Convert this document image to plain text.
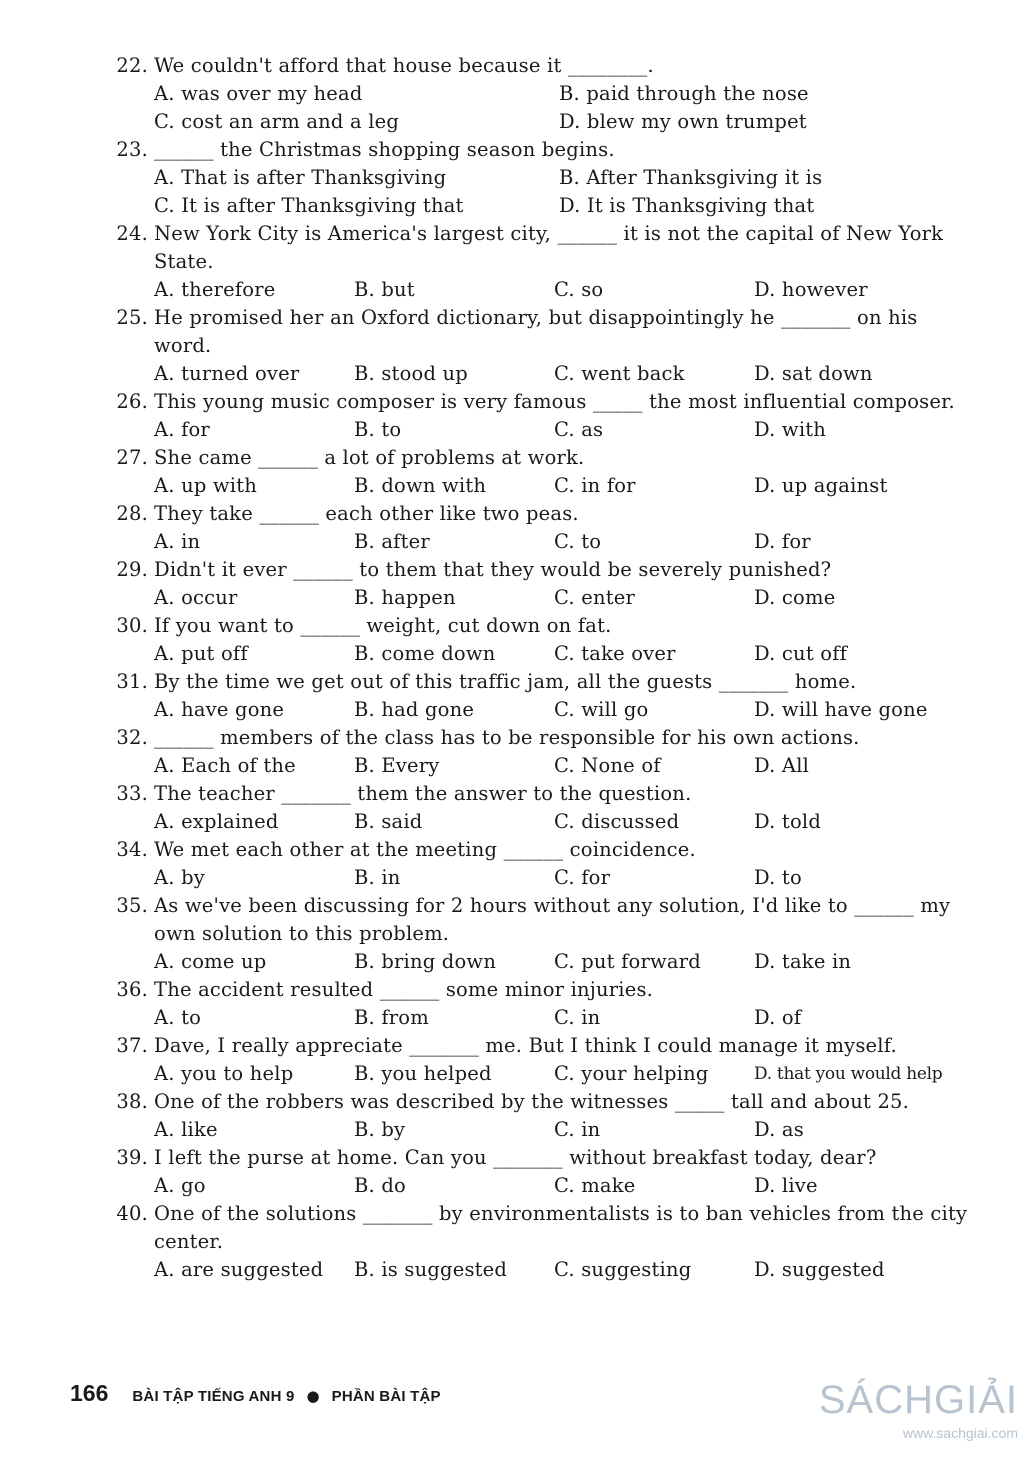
22. We couldn't afford that house because it ________.
A. was over my head	B. paid through the nose
C. cost an arm and a leg	D. blew my own trumpet
23. ______ the Christmas shopping season begins.
A. That is after Thanksgiving	B. After Thanksgiving it is
C. It is after Thanksgiving that	D. It is Thanksgiving that
24. New York City is America's largest city, ______ it is not the capital of New York State.
A. therefore	B. but	C. so	D. however
25. He promised her an Oxford dictionary, but disappointingly he _______ on his word.
A. turned over	B. stood up	C. went back	D. sat down
26. This young music composer is very famous _____ the most influential composer.
A. for	B. to	C. as	D. with
27. She came ______ a lot of problems at work.
A. up with	B. down with	C. in for	D. up against
28. They take ______ each other like two peas.
A. in	B. after	C. to	D. for
29. Didn't it ever ______ to them that they would be severely punished?
A. occur	B. happen	C. enter	D. come
30. If you want to ______ weight, cut down on fat.
A. put off	B. come down	C. take over	D. cut off
31. By the time we get out of this traffic jam, all the guests _______ home.
A. have gone	B. had gone	C. will go	D. will have gone
32. ______ members of the class has to be responsible for his own actions.
A. Each of the	B. Every	C. None of	D. All
33. The teacher _______ them the answer to the question.
A. explained	B. said	C. discussed	D. told
34. We met each other at the meeting ______ coincidence.
A. by	B. in	C. for	D. to
35. As we've been discussing for 2 hours without any solution, I'd like to ______ my own solution to this problem.
A. come up	B. bring down	C. put forward	D. take in
36. The accident resulted ______ some minor injuries.
A. to	B. from	C. in	D. of
37. Dave, I really appreciate _______ me. But I think I could manage it myself.
A. you to help	B. you helped	C. your helping	D. that you would help
38. One of the robbers was described by the witnesses _____ tall and about 25.
A. like	B. by	C. in	D. as
39. I left the purse at home. Can you _______ without breakfast today, dear?
A. go	B. do	C. make	D. live
40. One of the solutions _______ by environmentalists is to ban vehicles from the city center.
A. are suggested	B. is suggested	C. suggesting	D. suggested
166 BÀI TẬP TIẾNG ANH 9 ● PHẦN BÀI TẬP	SÁCHGIẢI
www.sachgiai.com
